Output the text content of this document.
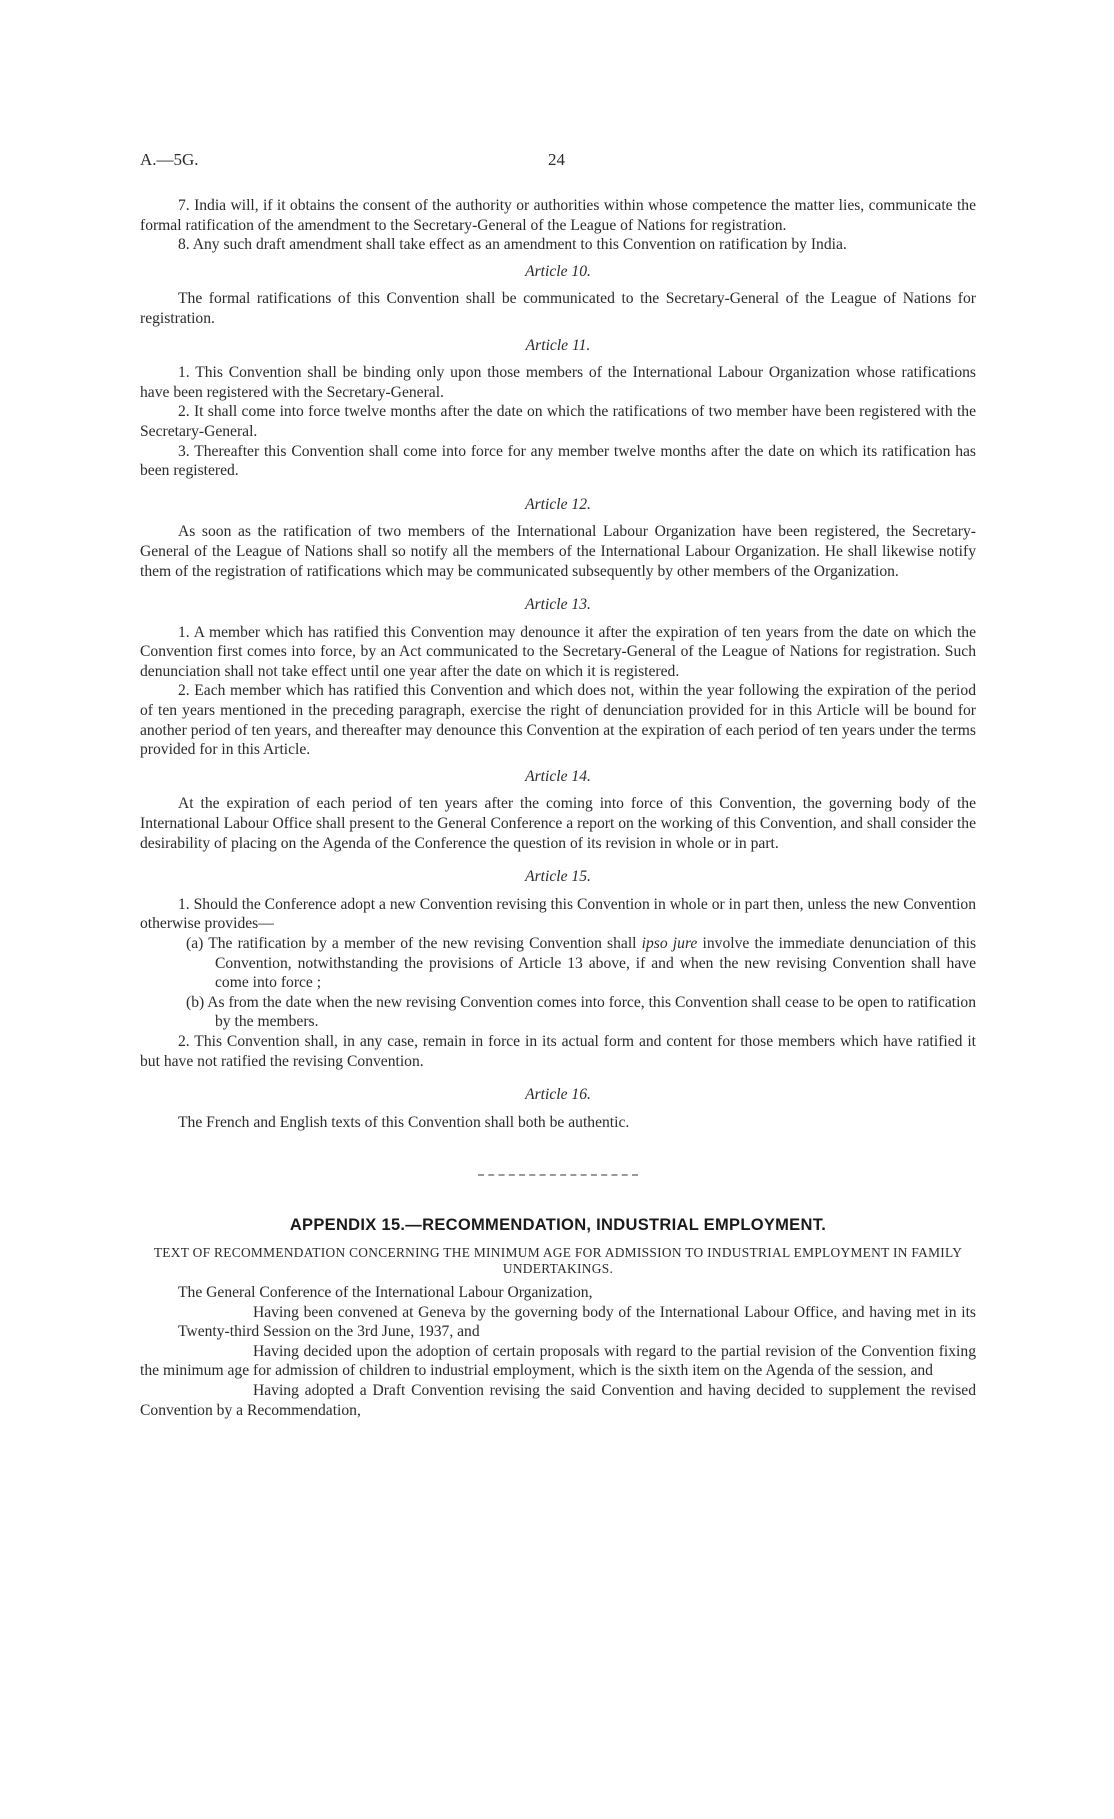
A.—5G.	24

7. India will, if it obtains the consent of the authority or authorities within whose competence the matter lies, communicate the formal ratification of the amendment to the Secretary-General of the League of Nations for registration.

8. Any such draft amendment shall take effect as an amendment to this Convention on ratification by India.

Article 10.

The formal ratifications of this Convention shall be communicated to the Secretary-General of the League of Nations for registration.

Article 11.

1. This Convention shall be binding only upon those members of the International Labour Organization whose ratifications have been registered with the Secretary-General.

2. It shall come into force twelve months after the date on which the ratifications of two member have been registered with the Secretary-General.

3. Thereafter this Convention shall come into force for any member twelve months after the date on which its ratification has been registered.

Article 12.

As soon as the ratification of two members of the International Labour Organization have been registered, the Secretary-General of the League of Nations shall so notify all the members of the International Labour Organization. He shall likewise notify them of the registration of ratifications which may be communicated subsequently by other members of the Organization.

Article 13.

1. A member which has ratified this Convention may denounce it after the expiration of ten years from the date on which the Convention first comes into force, by an Act communicated to the Secretary-General of the League of Nations for registration. Such denunciation shall not take effect until one year after the date on which it is registered.

2. Each member which has ratified this Convention and which does not, within the year following the expiration of the period of ten years mentioned in the preceding paragraph, exercise the right of denunciation provided for in this Article will be bound for another period of ten years, and thereafter may denounce this Convention at the expiration of each period of ten years under the terms provided for in this Article.

Article 14.

At the expiration of each period of ten years after the coming into force of this Convention, the governing body of the International Labour Office shall present to the General Conference a report on the working of this Convention, and shall consider the desirability of placing on the Agenda of the Conference the question of its revision in whole or in part.

Article 15.

1. Should the Conference adopt a new Convention revising this Convention in whole or in part then, unless the new Convention otherwise provides—

(a) The ratification by a member of the new revising Convention shall ipso jure involve the immediate denunciation of this Convention, notwithstanding the provisions of Article 13 above, if and when the new revising Convention shall have come into force ;

(b) As from the date when the new revising Convention comes into force, this Convention shall cease to be open to ratification by the members.

2. This Convention shall, in any case, remain in force in its actual form and content for those members which have ratified it but have not ratified the revising Convention.

Article 16.

The French and English texts of this Convention shall both be authentic.

APPENDIX 15.—RECOMMENDATION, INDUSTRIAL EMPLOYMENT.

TEXT OF RECOMMENDATION CONCERNING THE MINIMUM AGE FOR ADMISSION TO INDUSTRIAL EMPLOYMENT IN FAMILY UNDERTAKINGS.

The General Conference of the International Labour Organization,

Having been convened at Geneva by the governing body of the International Labour Office, and having met in its Twenty-third Session on the 3rd June, 1937, and

Having decided upon the adoption of certain proposals with regard to the partial revision of the Convention fixing the minimum age for admission of children to industrial employment, which is the sixth item on the Agenda of the session, and

Having adopted a Draft Convention revising the said Convention and having decided to supplement the revised Convention by a Recommendation,
